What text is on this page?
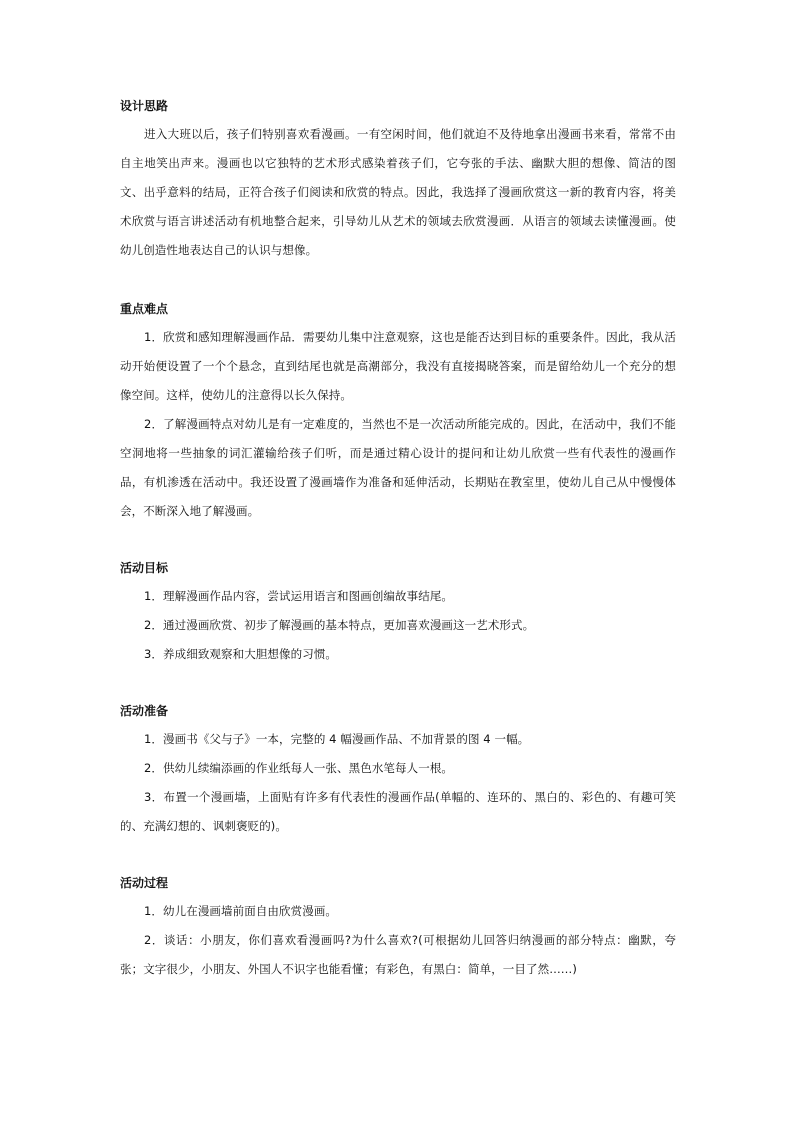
设计思路

进入大班以后，孩子们特别喜欢看漫画。一有空闲时间，他们就迫不及待地拿出漫画书来看，常常不由自主地笑出声来。漫画也以它独特的艺术形式感染着孩子们，它夸张的手法、幽默大胆的想像、简洁的图文、出乎意料的结局，正符合孩子们阅读和欣赏的特点。因此，我选择了漫画欣赏这一新的教育内容，将美术欣赏与语言讲述活动有机地整合起来，引导幼儿从艺术的领域去欣赏漫画．从语言的领域去读懂漫画。使幼儿创造性地表达自己的认识与想像。

重点难点

1．欣赏和感知理解漫画作品．需要幼儿集中注意观察，这也是能否达到目标的重要条件。因此，我从活动开始便设置了一个个悬念，直到结尾也就是高潮部分，我没有直接揭晓答案，而是留给幼儿一个充分的想像空间。这样，使幼儿的注意得以长久保持。

2．了解漫画特点对幼儿是有一定难度的，当然也不是一次活动所能完成的。因此，在活动中，我们不能空洞地将一些抽象的词汇灌输给孩子们听，而是通过精心设计的提问和让幼儿欣赏一些有代表性的漫画作品，有机渗透在活动中。我还设置了漫画墙作为准备和延伸活动，长期贴在教室里，使幼儿自己从中慢慢体会，不断深入地了解漫画。

活动目标

1．理解漫画作品内容，尝试运用语言和图画创编故事结尾。

2．通过漫画欣赏、初步了解漫画的基本特点，更加喜欢漫画这一艺术形式。

3．养成细致观察和大胆想像的习惯。

活动准备

1．漫画书《父与子》一本，完整的 4 幅漫画作品、不加背景的图 4 一幅。

2．供幼儿续编添画的作业纸每人一张、黑色水笔每人一根。

3．布置一个漫画墙，上面贴有许多有代表性的漫画作品(单幅的、连环的、黑白的、彩色的、有趣可笑的、充满幻想的、讽刺褒贬的)。

活动过程

1．幼儿在漫画墙前面自由欣赏漫画。

2．谈话：小朋友，你们喜欢看漫画吗?为什么喜欢?(可根据幼儿回答归纳漫画的部分特点：幽默，夸张；文字很少，小朋友、外国人不识字也能看懂；有彩色，有黑白：简单，一目了然……)
